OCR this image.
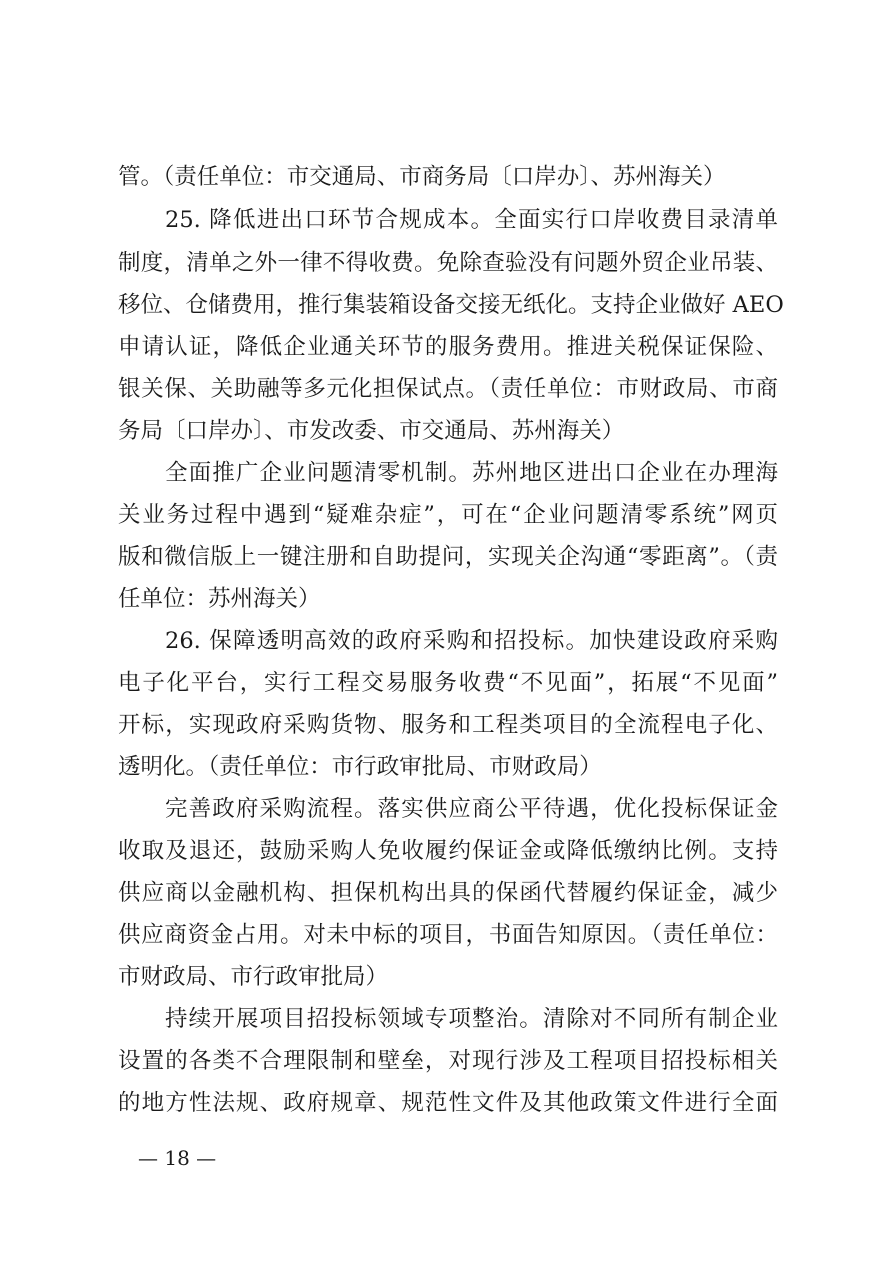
管。（责任单位：市交通局、市商务局〔口岸办〕、苏州海关）
25. 降低进出口环节合规成本。全面实行口岸收费目录清单
制度，清单之外一律不得收费。免除查验没有问题外贸企业吊装、
移位、仓储费用，推行集装箱设备交接无纸化。支持企业做好 AEO
申请认证，降低企业通关环节的服务费用。推进关税保证保险、
银关保、关助融等多元化担保试点。（责任单位：市财政局、市商
务局〔口岸办〕、市发改委、市交通局、苏州海关）
全面推广企业问题清零机制。苏州地区进出口企业在办理海
关业务过程中遇到“疑难杂症”，可在“企业问题清零系统”网页
版和微信版上一键注册和自助提问，实现关企沟通“零距离”。（责
任单位：苏州海关）
26. 保障透明高效的政府采购和招投标。加快建设政府采购
电子化平台，实行工程交易服务收费“不见面”，拓展“不见面”
开标，实现政府采购货物、服务和工程类项目的全流程电子化、
透明化。（责任单位：市行政审批局、市财政局）
完善政府采购流程。落实供应商公平待遇，优化投标保证金
收取及退还，鼓励采购人免收履约保证金或降低缴纳比例。支持
供应商以金融机构、担保机构出具的保函代替履约保证金，减少
供应商资金占用。对未中标的项目，书面告知原因。（责任单位：
市财政局、市行政审批局）
持续开展项目招投标领域专项整治。清除对不同所有制企业
设置的各类不合理限制和壁垒，对现行涉及工程项目招投标相关
的地方性法规、政府规章、规范性文件及其他政策文件进行全面
— 18 —
